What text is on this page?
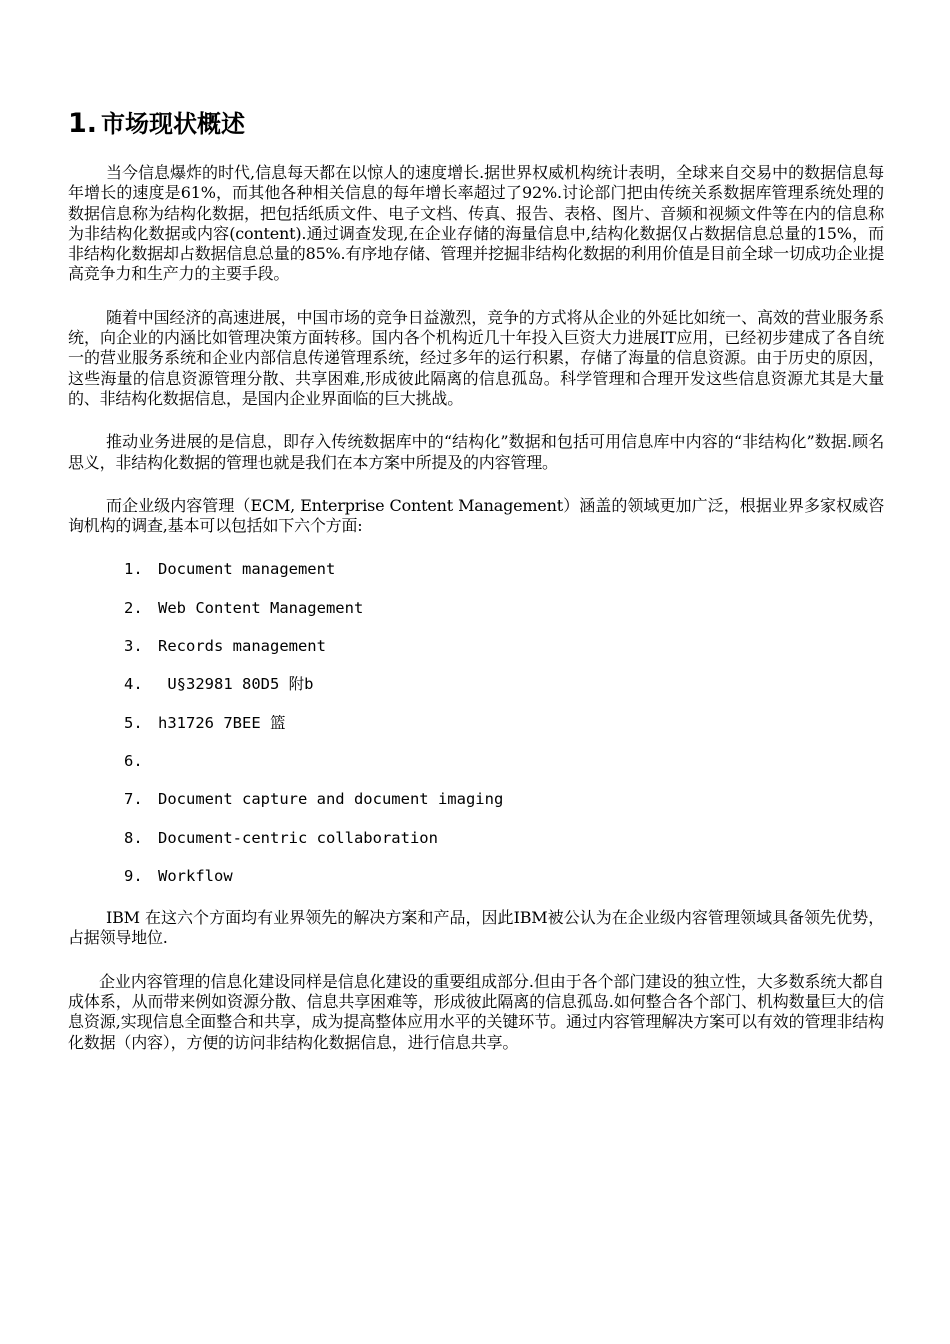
1. 市场现状概述

当今信息爆炸的时代,信息每天都在以惊人的速度增长.据世界权威机构统计表明，全球来自交易中的数据信息每年增长的速度是61%，而其他各种相关信息的每年增长率超过了92%.讨论部门把由传统关系数据库管理系统处理的数据信息称为结构化数据，把包括纸质文件、电子文档、传真、报告、表格、图片、音频和视频文件等在内的信息称为非结构化数据或内容(content).通过调查发现,在企业存储的海量信息中,结构化数据仅占数据信息总量的15%，而非结构化数据却占数据信息总量的85%.有序地存储、管理并挖掘非结构化数据的利用价值是目前全球一切成功企业提高竞争力和生产力的主要手段。

随着中国经济的高速进展，中国市场的竞争日益激烈，竞争的方式将从企业的外延比如统一、高效的营业服务系统，向企业的内涵比如管理决策方面转移。国内各个机构近几十年投入巨资大力进展IT应用，已经初步建成了各自统一的营业服务系统和企业内部信息传递管理系统，经过多年的运行积累，存储了海量的信息资源。由于历史的原因，这些海量的信息资源管理分散、共享困难,形成彼此隔离的信息孤岛。科学管理和合理开发这些信息资源尤其是大量的、非结构化数据信息，是国内企业界面临的巨大挑战。

推动业务进展的是信息，即存入传统数据库中的“结构化”数据和包括可用信息库中内容的“非结构化”数据.顾名思义，非结构化数据的管理也就是我们在本方案中所提及的内容管理。

而企业级内容管理（ECM, Enterprise Content Management）涵盖的领域更加广泛，根据业界多家权威咨询机构的调查,基本可以包括如下六个方面:

1. Document management
2. Web Content Management
3. Records management
4. U§32981 80D5 附b
5. h31726 7BEE 篮
6.
7. Document capture and document imaging
8. Document-centric collaboration
9. Workflow

IBM 在这六个方面均有业界领先的解决方案和产品，因此IBM被公认为在企业级内容管理领域具备领先优势，占据领导地位.

企业内容管理的信息化建设同样是信息化建设的重要组成部分.但由于各个部门建设的独立性，大多数系统大都自成体系，从而带来例如资源分散、信息共享困难等，形成彼此隔离的信息孤岛.如何整合各个部门、机构数量巨大的信息资源,实现信息全面整合和共享，成为提高整体应用水平的关键环节。通过内容管理解决方案可以有效的管理非结构化数据（内容），方便的访问非结构化数据信息，进行信息共享。
